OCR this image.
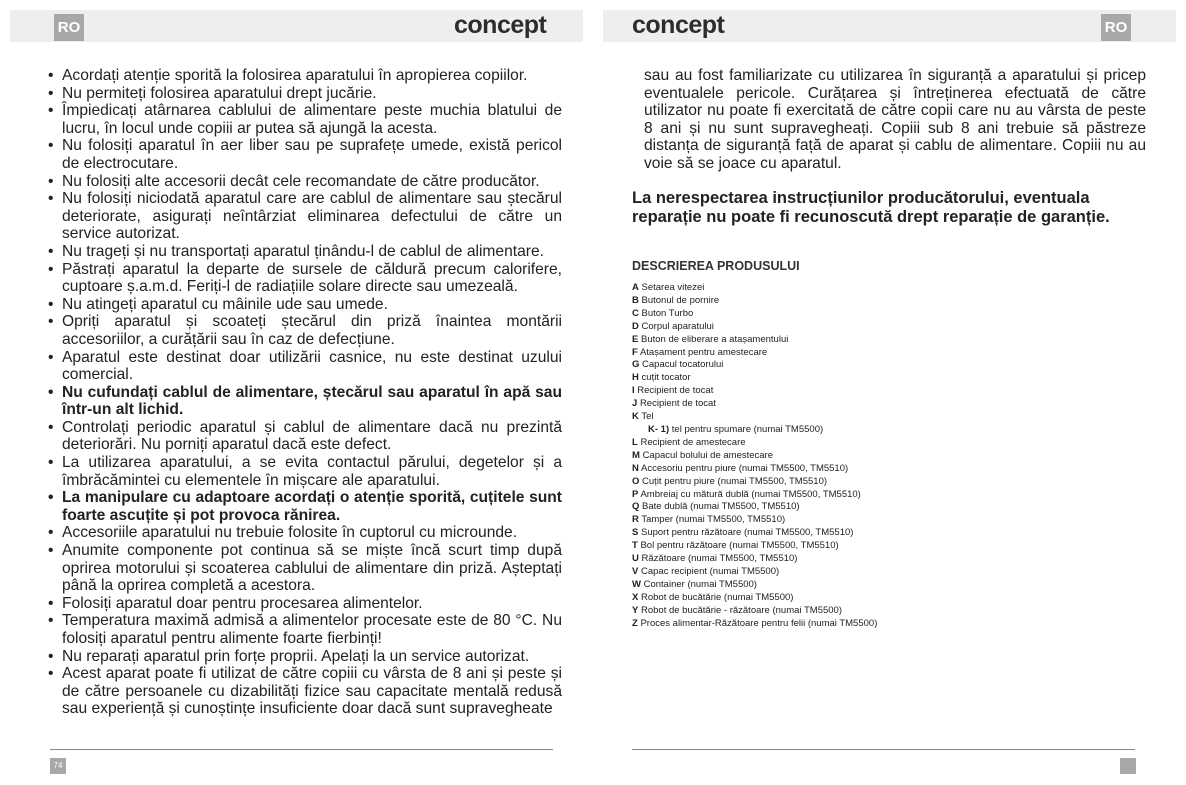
RO	RO
concept	concept
• Acordați atenție sporită la folosirea aparatului în apropierea copiilor.
• Nu permiteți folosirea aparatului drept jucărie.
• Împiedicați atârnarea cablului de alimentare peste muchia blatului de lucru, în locul unde copiii ar putea să ajungă la acesta.
• Nu folosiți aparatul în aer liber sau pe suprafețe umede, există pericol de electrocutare.
• Nu folosiți alte accesorii decât cele recomandate de către producător.
• Nu folosiți niciodată aparatul care are cablul de alimentare sau ștecărul deteriorate, asigurați neîntârziat eliminarea defectului de către un service autorizat.
• Nu trageți și nu transportați aparatul ținându-l de cablul de alimentare.
• Păstrați aparatul la departe de sursele de căldură precum calorifere, cuptoare ș.a.m.d. Feriți-l de radiațiile solare directe sau umezeală.
• Nu atingeți aparatul cu mâinile ude sau umede.
• Opriți aparatul și scoateți ștecărul din priză înaintea montării accesoriilor, a curățării sau în caz de defecțiune.
• Aparatul este destinat doar utilizării casnice, nu este destinat uzului comercial.
• Nu cufundați cablul de alimentare, ștecărul sau aparatul în apă sau într-un alt lichid.
• Controlați periodic aparatul și cablul de alimentare dacă nu prezintă deteriorări. Nu porniți aparatul dacă este defect.
• La utilizarea aparatului, a se evita contactul părului, degetelor și a îmbrăcămintei cu elementele în mișcare ale aparatului.
• La manipulare cu adaptoare acordați o atenție sporită, cuțitele sunt foarte ascuțite și pot provoca rănirea.
• Accesoriile aparatului nu trebuie folosite în cuptorul cu microunde.
• Anumite componente pot continua să se miște încă scurt timp după oprirea motorului și scoaterea cablului de alimentare din priză. Așteptați până la oprirea completă a acestora.
• Folosiți aparatul doar pentru procesarea alimentelor.
• Temperatura maximă admisă a alimentelor procesate este de 80 °C. Nu folosiți aparatul pentru alimente foarte fierbinți!
• Nu reparați aparatul prin forțe proprii. Apelați la un service autorizat.
• Acest aparat poate fi utilizat de către copiii cu vârsta de 8 ani și peste și de către persoanele cu dizabilități fizice sau capacitate mentală redusă sau experiență și cunoștințe insuficiente doar dacă sunt supravegheate

sau au fost familiarizate cu utilizarea în siguranță a aparatului și pricep eventualele pericole. Curățarea și întreținerea efectuată de către utilizator nu poate fi exercitată de către copii care nu au vârsta de peste 8 ani și nu sunt supravegheați. Copiii sub 8 ani trebuie să păstreze distanța de siguranță față de aparat și cablu de alimentare. Copiii nu au voie să se joace cu aparatul.

La nerespectarea instrucțiunilor producătorului, eventuala reparație nu poate fi recunoscută drept reparație de garanție.

DESCRIEREA PRODUSULUI

A Setarea vitezei
B Butonul de pornire
C Buton Turbo
D Corpul aparatului
E Buton de eliberare a atașamentului
F Atașament pentru amestecare
G Capacul tocatorului
H cuțit tocator
I Recipient de tocat
J Recipient de tocat
K Tel
K- 1) tel pentru spumare (numai TM5500)
L Recipient de amestecare
M Capacul bolului de amestecare
N Accesoriu pentru piure (numai TM5500, TM5510)
O Cuțit pentru piure (numai TM5500, TM5510)
P Ambreiaj cu mătură dublă (numai TM5500, TM5510)
Q Bate dublă (numai TM5500, TM5510)
R Tamper (numai TM5500, TM5510)
S Suport pentru răzătoare (numai TM5500, TM5510)
T Bol pentru răzătoare (numai TM5500, TM5510)
U Răzătoare (numai TM5500, TM5510)
V Capac recipient (numai TM5500)
W Container (numai TM5500)
X Robot de bucătărie (numai TM5500)
Y Robot de bucătărie - răzătoare (numai TM5500)
Z Proces alimentar-Răzătoare pentru felii (numai TM5500)
74
